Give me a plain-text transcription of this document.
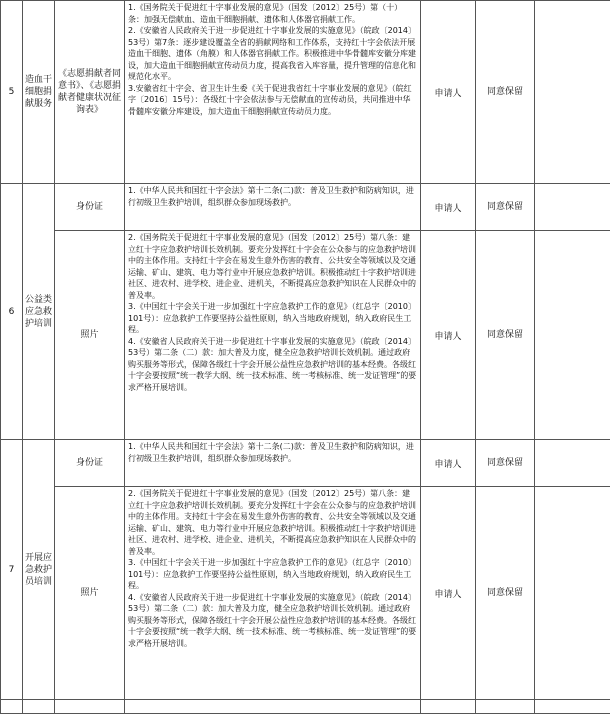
5	造血干细胞捐献服务	《志愿捐献者同意书》、《志愿捐献者健康状况征询表》	1.《国务院关于促进红十字事业发展的意见》（国发〔2012〕25号）第（十）条：加强无偿献血、造血干细胞捐献、遗体和人体器官捐献工作。
2.《安徽省人民政府关于进一步促进红十字事业发展的实施意见》（皖政〔2014〕53号）第7条：逐步建设覆盖全省的捐献网络和工作体系，支持红十字会依法开展造血干细胞、遗体（角膜）和人体器官捐献工作。积极推进中华骨髓库安徽分库建设，加大造血干细胞捐献宣传动员力度，提高我省入库容量，提升管理的信息化和规范化水平。
3.安徽省红十字会、省卫生计生委《关于促进我省红十字事业发展的意见》（皖红字〔2016〕15号）：各级红十字会依法参与无偿献血的宣传动员，共同推进中华骨髓库安徽分库建设，加大造血干细胞捐献宣传动员力度。	申请人	同意保留	
6	公益类应急救护培训	身份证	1.《中华人民共和国红十字会法》第十二条(二)款：普及卫生救护和防病知识，进行初级卫生救护培训，组织群众参加现场救护。	申请人	同意保留	
		照片	2.《国务院关于促进红十字事业发展的意见》（国发〔2012〕25号）第八条：建立红十字应急救护培训长效机制。要充分发挥红十字会在公众参与的应急救护培训中的主体作用。支持红十字会在易发生意外伤害的教育、公共安全等领域以及交通运输、矿山、建筑、电力等行业中开展应急救护培训。积极推动红十字救护培训进社区、进农村、进学校、进企业、进机关，不断提高应急救护知识在人民群众中的普及率。
3.《中国红十字会关于进一步加强红十字应急救护工作的意见》（红总字〔2010〕101号）：应急救护工作要坚持公益性原则，纳入当地政府规划，纳入政府民生工程。
4.《安徽省人民政府关于进一步促进红十字事业发展的实施意见》（皖政〔2014〕53号）第二条（二）款：加大普及力度，健全应急救护培训长效机制。通过政府购买服务等形式，保障各级红十字会开展公益性应急救护培训的基本经费。各级红十字会要按照“统一教学大纲、统一技术标准、统一考核标准、统一发证管理”的要求严格开展培训。	申请人	同意保留	
7	开展应急救护员培训	身份证	1.《中华人民共和国红十字会法》第十二条(二)款：普及卫生救护和防病知识，进行初级卫生救护培训，组织群众参加现场救护。	申请人	同意保留	
		照片	2.《国务院关于促进红十字事业发展的意见》（国发〔2012〕25号）第八条：建立红十字应急救护培训长效机制。要充分发挥红十字会在公众参与的应急救护培训中的主体作用。支持红十字会在易发生意外伤害的教育、公共安全等领域以及交通运输、矿山、建筑、电力等行业中开展应急救护培训。积极推动红十字救护培训进社区、进农村、进学校、进企业、进机关，不断提高应急救护知识在人民群众中的普及率。
3.《中国红十字会关于进一步加强红十字应急救护工作的意见》（红总字〔2010〕101号）：应急救护工作要坚持公益性原则，纳入当地政府规划，纳入政府民生工程。
4.《安徽省人民政府关于进一步促进红十字事业发展的实施意见》（皖政〔2014〕53号）第二条（二）款：加大普及力度，健全应急救护培训长效机制。通过政府购买服务等形式，保障各级红十字会开展公益性应急救护培训的基本经费。各级红十字会要按照“统一教学大纲、统一技术标准、统一考核标准、统一发证管理”的要求严格开展培训。	申请人	同意保留	
